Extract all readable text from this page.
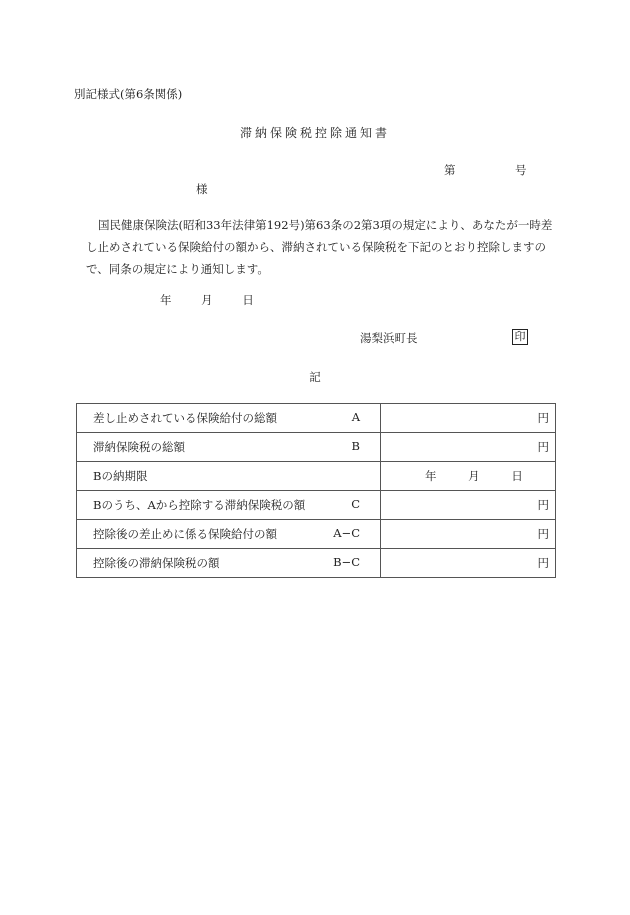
別記様式(第6条関係)
滞納保険税控除通知書
第	号
様
国民健康保険法(昭和33年法律第192号)第63条の2第3項の規定により、あなたが一時差し止めされている保険給付の額から、滞納されている保険税を下記のとおり控除しますので、同条の規定により通知します。
年	月	日
湯梨浜町長	印
記
差し止めされている保険給付の総額 A	円
滞納保険税の総額 B	円
Bの納期限	年 月 日
Bのうち、Aから控除する滞納保険税の額 C	円
控除後の差止めに係る保険給付の額 A−C	円
控除後の滞納保険税の額 B−C	円
